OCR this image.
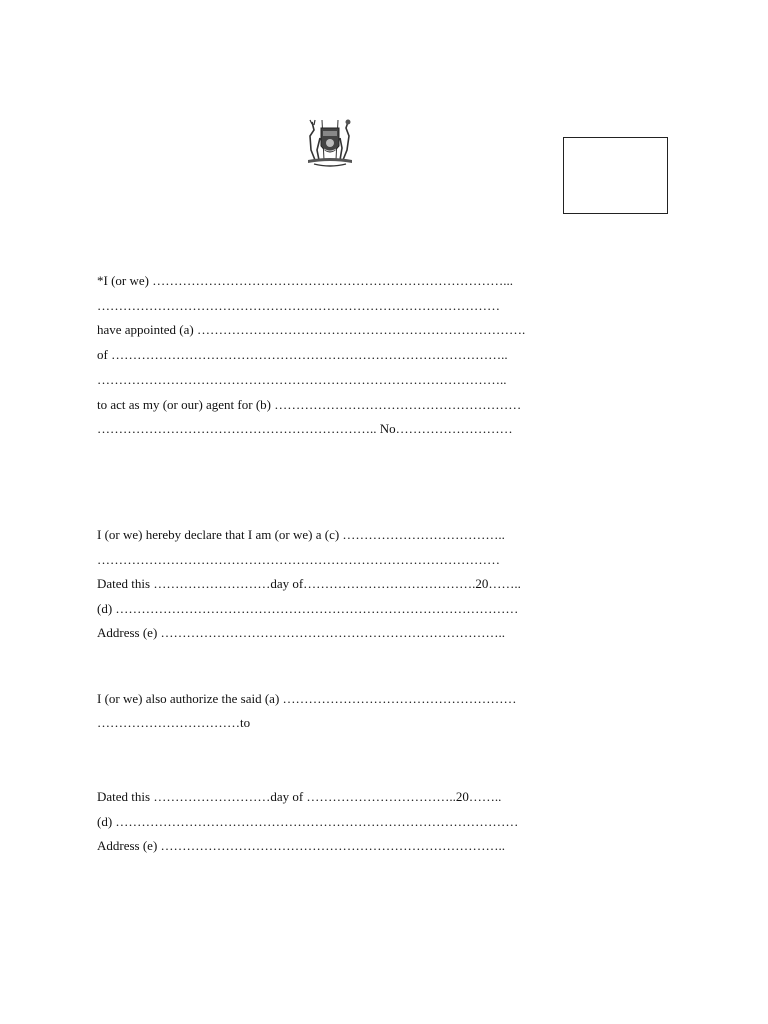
*I (or we) ………………………………………………………………………...
…………………………………………………………………………………
have appointed (a) ………………………………………………………………….
of ………………………………………………………………………………..
…………………………………………………………………………………..
to act as my (or our) agent for (b) …………………………………………………
……………………………………………………….. No………………………
I (or we) hereby declare that I am (or we) a (c) ………………………………..
…………………………………………………………………………………
Dated this ………………………day of………………………………….20……..
(d) …………………………………………………………………………………
Address (e) ……………………………………………………………………..
I (or we) also authorize the said (a) ………………………………………………
……………………………to
Dated this ………………………day of ……………………………..20……..
(d) …………………………………………………………………………………
Address (e) ……………………………………………………………………..
